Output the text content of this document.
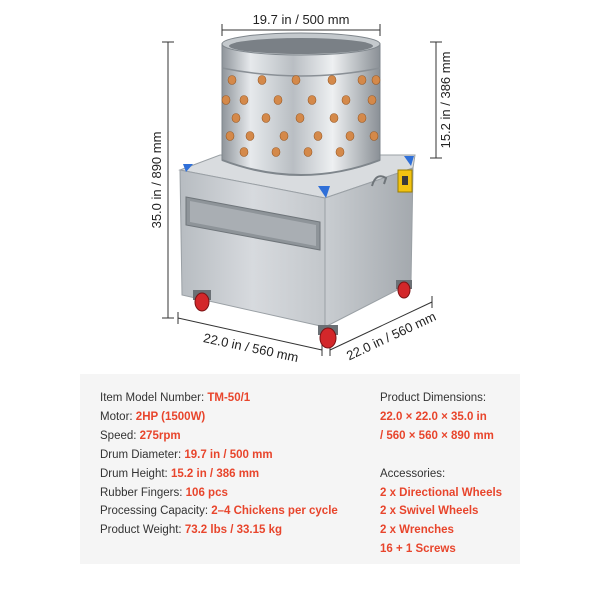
19.7 in / 500 mm
15.2 in / 386 mm
35.0 in / 890 mm
22.0 in / 560 mm	22.0 in / 560 mm
Item Model Number: TM-50/1
Motor: 2HP (1500W)
Speed: 275rpm
Drum Diameter: 19.7 in / 500 mm
Drum Height: 15.2 in / 386 mm
Rubber Fingers: 106 pcs
Processing Capacity: 2–4 Chickens per cycle
Product Weight: 73.2 lbs / 33.15 kg
Product Dimensions:
22.0 × 22.0 × 35.0 in
/ 560 × 560 × 890 mm
Accessories:
2 x Directional Wheels
2 x Swivel Wheels
2 x Wrenches
16 + 1 Screws
